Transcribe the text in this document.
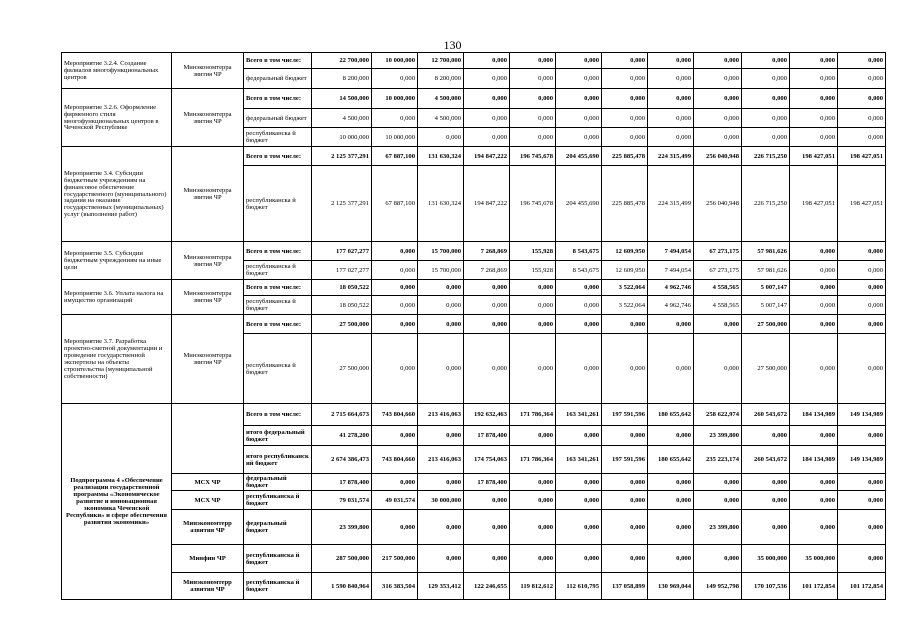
130
Мероприятие 3.2.4. Создание филиалов многофункциональных центров	Минэкономтерра звития ЧР	Всего в том числе:	22 700,000	10 000,000	12 700,000	0,000	0,000	0,000	0,000	0,000	0,000	0,000	0,000	0,000
		федеральный бюджет	8 200,000	0,000	8 200,000	0,000	0,000	0,000	0,000	0,000	0,000	0,000	0,000	0,000
Мероприятие 3.2.6. Оформление фирменного стиля многофункциональных центров в Чеченской Республике	Минэкономтерра звития ЧР	Всего в том числе:	14 500,000	10 000,000	4 500,000	0,000	0,000	0,000	0,000	0,000	0,000	0,000	0,000	0,000
		федеральный бюджет	4 500,000	0,000	4 500,000	0,000	0,000	0,000	0,000	0,000	0,000	0,000	0,000	0,000
		республиканска й бюджет	10 000,000	10 000,000	0,000	0,000	0,000	0,000	0,000	0,000	0,000	0,000	0,000	0,000
Мероприятие 3.4. Субсидии бюджетным учреждениям на финансовое обеспечение государственного (муниципального) задания на оказание государственных (муниципальных) услуг (выполнение работ)	Минэкономтерра звития ЧР	Всего в том числе:	2 125 377,291	67 887,100	131 630,324	194 847,222	196 745,678	204 455,690	225 885,478	224 315,499	256 040,948	226 715,250	198 427,051	198 427,051
		республиканска й бюджет	2 125 377,291	67 887,100	131 630,324	194 847,222	196 745,678	204 455,690	225 885,478	224 315,499	256 040,948	226 715,250	198 427,051	198 427,051
Мероприятие 3.5. Субсидии бюджетным учреждениям на иные цели	Минэкономтерра звития ЧР	Всего в том числе:	177 027,277	0,000	15 700,000	7 268,869	155,928	8 543,675	12 609,950	7 494,054	67 273,175	57 981,626	0,000	0,000
		республиканска й бюджет	177 027,277	0,000	15 700,000	7 268,869	155,928	8 543,675	12 609,950	7 494,054	67 273,175	57 981,626	0,000	0,000
Мероприятие 3.6. Уплата налога на имущество организаций	Минэкономтерра звития ЧР	Всего в том числе:	18 050,522	0,000	0,000	0,000	0,000	0,000	3 522,064	4 962,746	4 558,565	5 007,147	0,000	0,000
		республиканска й бюджет	18 050,522	0,000	0,000	0,000	0,000	0,000	3 522,064	4 962,746	4 558,565	5 007,147	0,000	0,000
Мероприятие 3.7. Разработка проектно-сметной документации и проведение государственной экспертизы на объекты строительства (муниципальной собственности)	Минэкономтерра звития ЧР	Всего в том числе:	27 500,000	0,000	0,000	0,000	0,000	0,000	0,000	0,000	0,000	27 500,000	0,000	0,000
		республиканска й бюджет	27 500,000	0,000	0,000	0,000	0,000	0,000	0,000	0,000	0,000	27 500,000	0,000	0,000
Подпрограмма 4 «Обеспечение реализации государственной программы «Экономическое развитие и инновационная экономика Чеченской Республики» и сфере обеспечения развития экономики»		Всего в том числе:	2 715 664,673	743 804,660	213 416,063	192 632,463	171 786,364	163 341,261	197 591,596	180 655,642	258 622,974	260 543,672	184 134,989	149 134,989
		итого федеральный бюджет	41 278,200	0,000	0,000	17 878,400	0,000	0,000	0,000	0,000	23 399,800	0,000	0,000	0,000
		итого республиканск ий бюджет	2 674 386,473	743 804,660	213 416,063	174 754,063	171 786,364	163 341,261	197 591,596	180 655,642	235 223,174	260 543,672	184 134,989	149 134,989
	МСХ ЧР	федеральный бюджет	17 878,400	0,000	0,000	17 878,400	0,000	0,000	0,000	0,000	0,000	0,000	0,000	0,000
	МСХ ЧР	республиканска й бюджет	79 031,574	49 031,574	30 000,000	0,000	0,000	0,000	0,000	0,000	0,000	0,000	0,000	0,000
	Минэкономтерр азвития ЧР	федеральный бюджет	23 399,800	0,000	0,000	0,000	0,000	0,000	0,000	0,000	23 399,800	0,000	0,000	0,000
	Минфин ЧР	республиканска й бюджет	287 500,000	217 500,000	0,000	0,000	0,000	0,000	0,000	0,000	0,000	35 000,000	35 000,000	0,000
	Минэкономтерр азвития ЧР	республиканска й бюджет	1 590 840,964	316 383,504	129 353,412	122 246,655	119 812,612	112 610,795	137 058,899	130 969,044	149 952,798	170 107,536	101 172,854	101 172,854
